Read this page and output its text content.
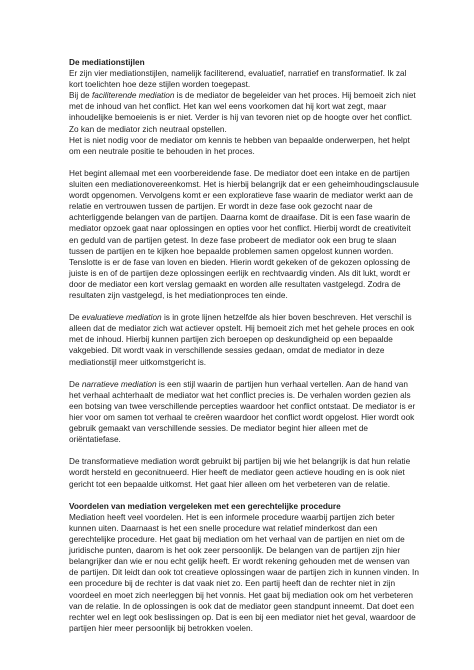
De mediationstijlen

Er zijn vier mediationstijlen, namelijk faciliterend, evaluatief, narratief en transformatief. Ik zal
kort toelichten hoe deze stijlen worden toegepast.

Bij de faciliterende mediation is de mediator de begeleider van het proces. Hij bemoeit zich niet met de inhoud van het conflict. Het kan wel eens voorkomen dat hij kort wat zegt, maar inhoudelijke bemoeienis is er niet. Verder is hij van tevoren niet op de hoogte over het conflict. Zo kan de mediator zich neutraal opstellen.

Het is niet nodig voor de mediator om kennis te hebben van bepaalde onderwerpen, het helpt om een neutrale positie te behouden in het proces.

Het begint allemaal met een voorbereidende fase. De mediator doet een intake en de partijen sluiten een mediationovereenkomst. Het is hierbij belangrijk dat er een geheimhoudingsclausule wordt opgenomen. Vervolgens komt er een exploratieve fase waarin de mediator werkt aan de relatie en vertrouwen tussen de partijen. Er wordt in deze fase ook gezocht naar de achterliggende belangen van de partijen. Daarna komt de draaifase. Dit is een fase waarin de mediator opzoek gaat naar oplossingen en opties voor het conflict. Hierbij wordt de creativiteit en geduld van de partijen getest. In deze fase probeert de mediator ook een brug te slaan tussen de partijen en te kijken hoe bepaalde problemen samen opgelost kunnen worden. Tenslotte is er de fase van loven en bieden. Hierin wordt gekeken of de gekozen oplossing de juiste is en of de partijen deze oplossingen eerlijk en rechtvaardig vinden. Als dit lukt, wordt er door de mediator een kort verslag gemaakt en worden alle resultaten vastgelegd. Zodra de resultaten zijn vastgelegd, is het mediationproces ten einde.

De evaluatieve mediation is in grote lijnen hetzelfde als hier boven beschreven. Het verschil is alleen dat de mediator zich wat actiever opstelt. Hij bemoeit zich met het gehele proces en ook met de inhoud. Hierbij kunnen partijen zich beroepen op deskundigheid op een bepaalde vakgebied. Dit wordt vaak in verschillende sessies gedaan, omdat de mediator in deze mediationstijl meer uitkomstgericht is.

De narratieve mediation is een stijl waarin de partijen hun verhaal vertellen. Aan de hand van het verhaal achterhaalt de mediator wat het conflict precies is. De verhalen worden gezien als een botsing van twee verschillende percepties waardoor het conflict ontstaat. De mediator is er hier voor om samen tot verhaal te creëren waardoor het conflict wordt opgelost. Hier wordt ook gebruik gemaakt van verschillende sessies. De mediator begint hier alleen met de oriëntatiefase.

De transformatieve mediation wordt gebruikt bij partijen bij wie het belangrijk is dat hun relatie wordt hersteld en geconitnueerd. Hier heeft de mediator geen actieve houding en is ook niet gericht tot een bepaalde uitkomst. Het gaat hier alleen om het verbeteren van de relatie.

Voordelen van mediation vergeleken met een gerechtelijke procedure

Mediation heeft veel voordelen. Het is een informele procedure waarbij partijen zich beter kunnen uiten. Daarnaast is het een snelle procedure wat relatief minderkost dan een gerechtelijke procedure. Het gaat bij mediation om het verhaal van de partijen en niet om de juridische punten, daarom is het ook zeer persoonlijk. De belangen van de partijen zijn hier belangrijker dan wie er nou echt gelijk heeft. Er wordt rekening gehouden met de wensen van de partijen. Dit leidt dan ook tot creatieve oplossingen waar de partijen zich in kunnen vinden. In een procedure bij de rechter is dat vaak niet zo. Een partij heeft dan de rechter niet in zijn voordeel en moet zich neerleggen bij het vonnis. Het gaat bij mediation ook om het verbeteren van de relatie. In de oplossingen is ook dat de mediator geen standpunt inneemt. Dat doet een rechter wel en legt ook beslissingen op. Dat is een bij een mediator niet het geval, waardoor de partijen hier meer persoonlijk bij betrokken voelen.
